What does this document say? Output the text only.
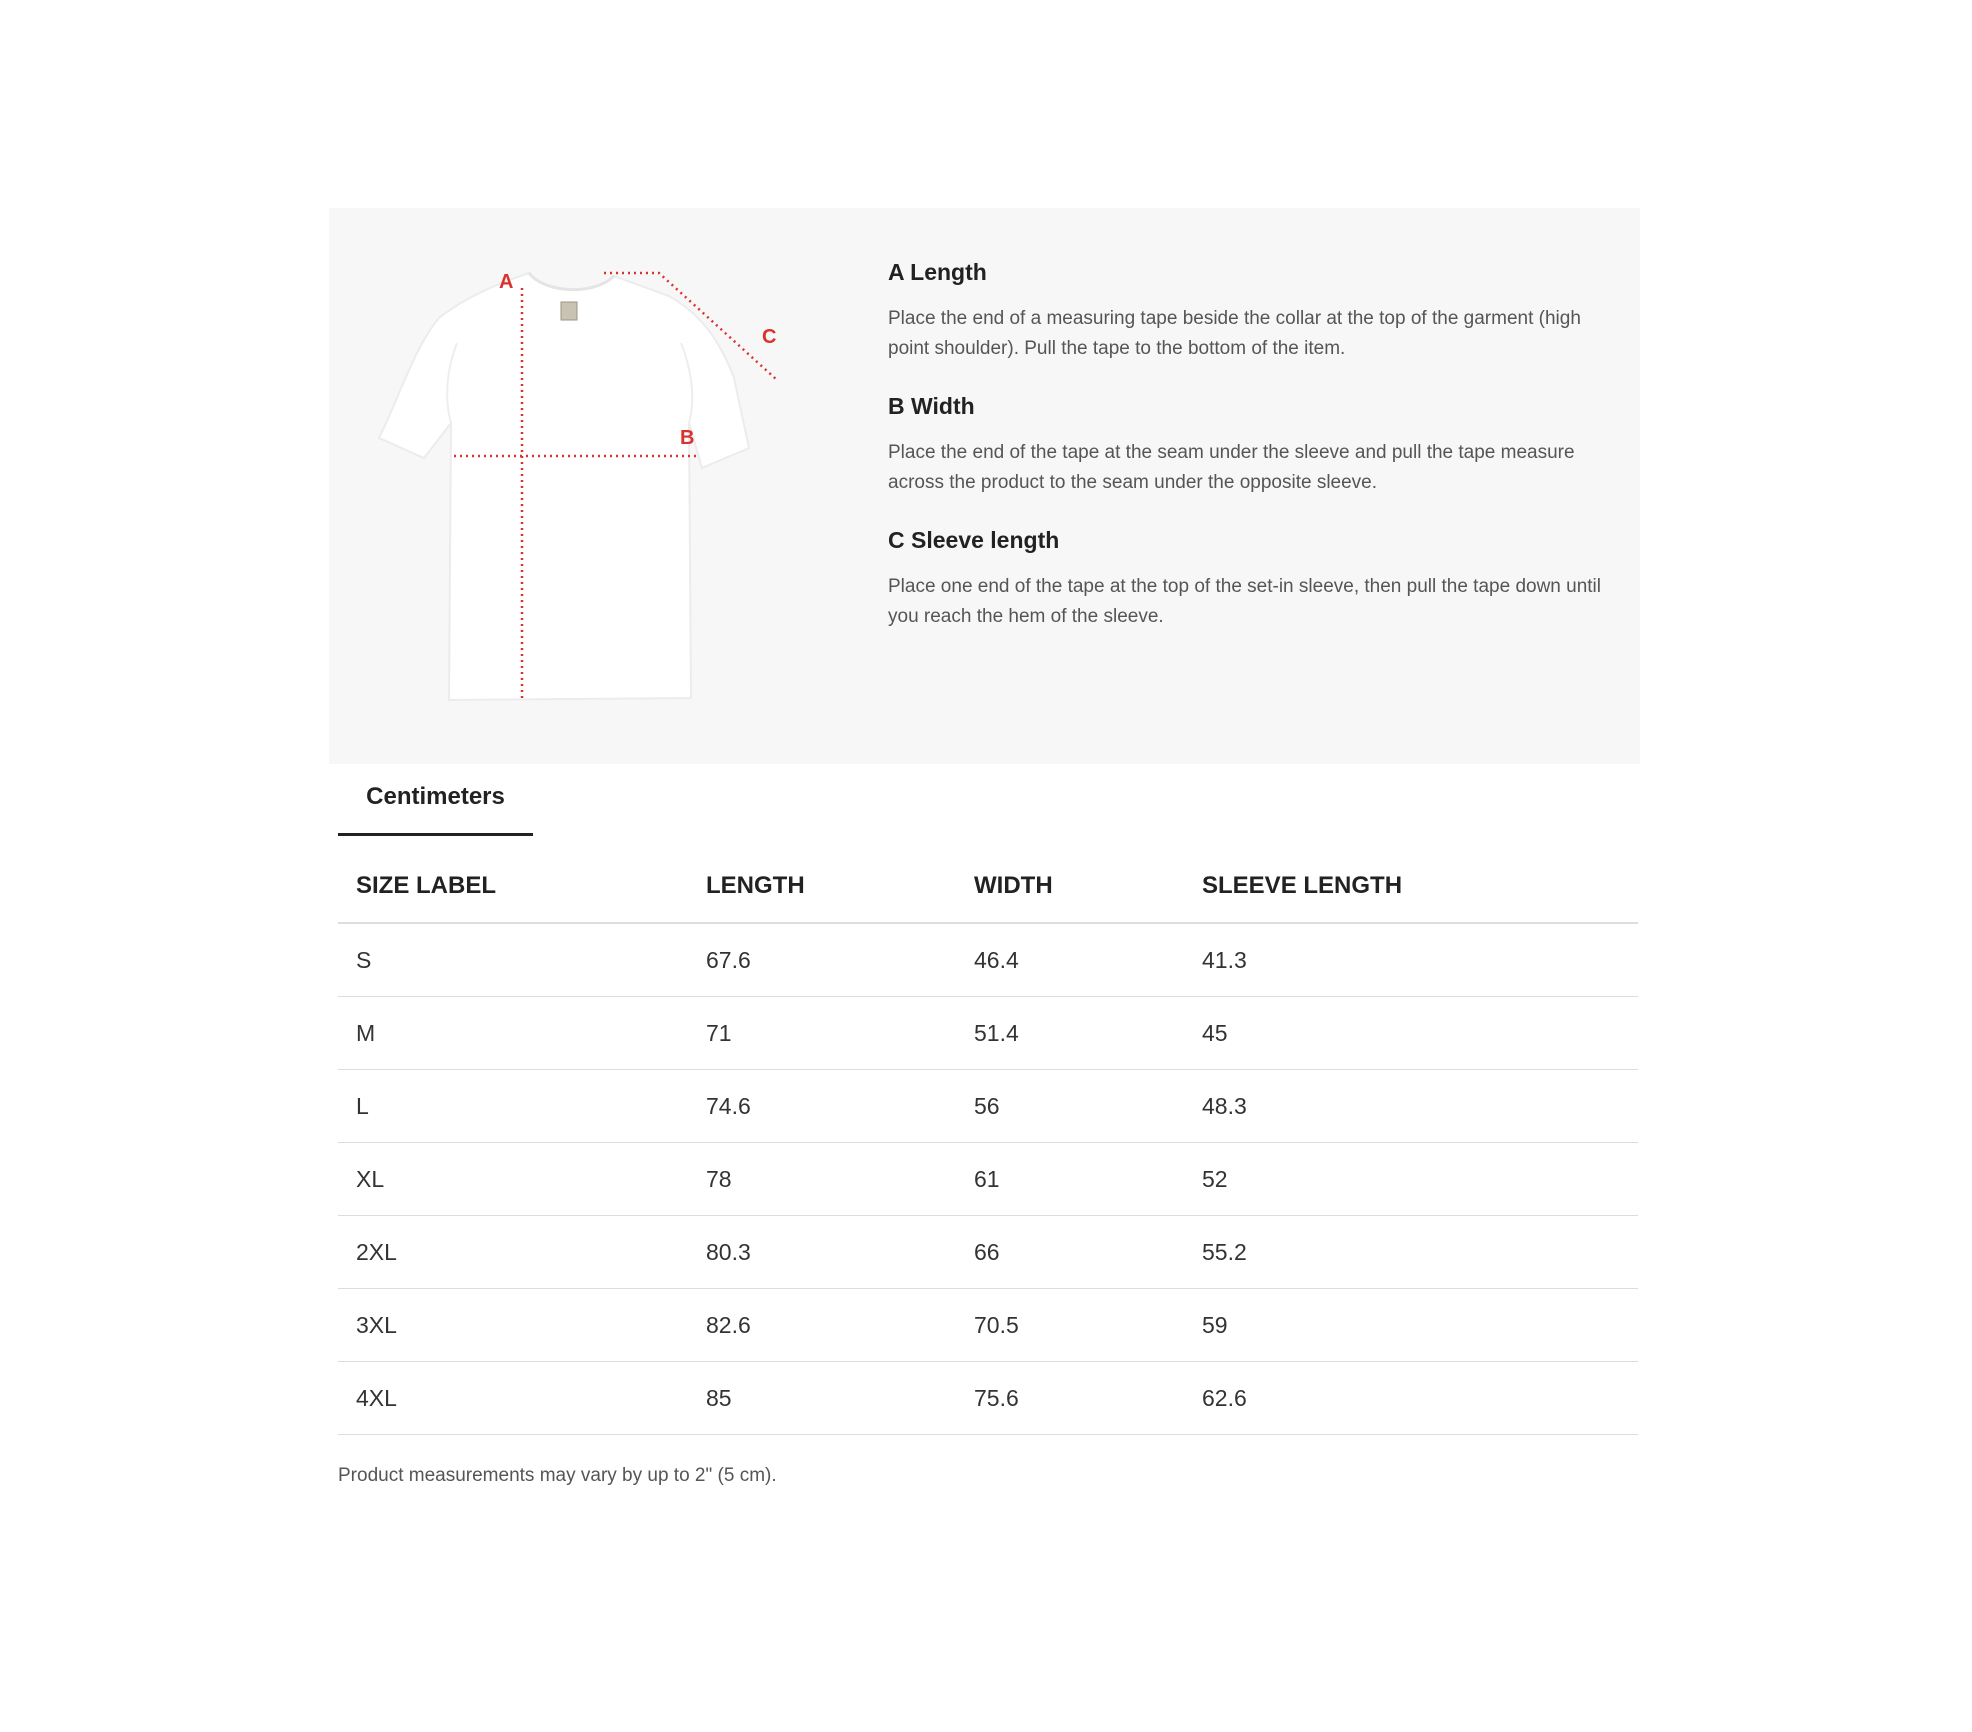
A
B
C

A Length

Place the end of a measuring tape beside the collar at the top of the garment (high point shoulder). Pull the tape to the bottom of the item.

B Width

Place the end of the tape at the seam under the sleeve and pull the tape measure across the product to the seam under the opposite sleeve.

C Sleeve length

Place one end of the tape at the top of the set-in sleeve, then pull the tape down until you reach the hem of the sleeve.

Centimeters
SIZE LABEL	LENGTH	WIDTH	SLEEVE LENGTH
S	67.6	46.4	41.3
M	71	51.4	45
L	74.6	56	48.3
XL	78	61	52
2XL	80.3	66	55.2
3XL	82.6	70.5	59
4XL	85	75.6	62.6
Product measurements may vary by up to 2" (5 cm).
